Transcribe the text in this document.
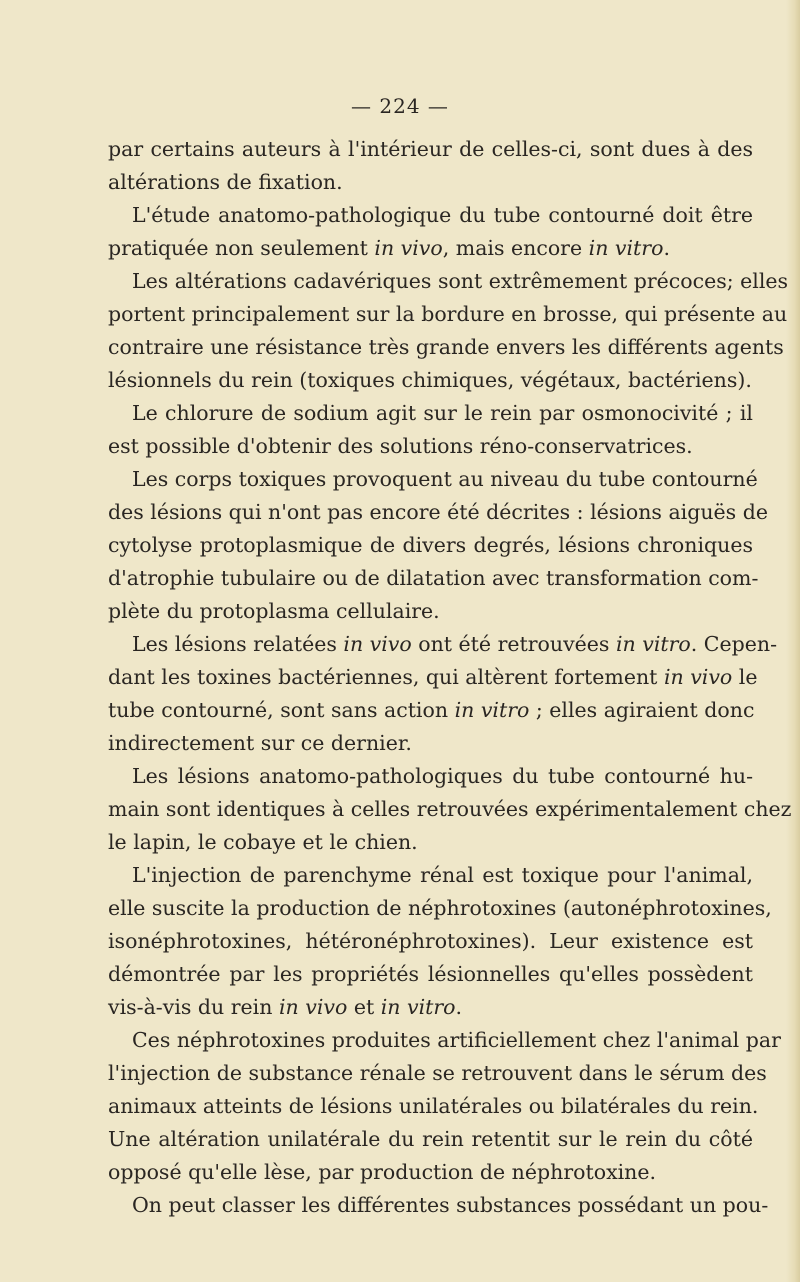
— 224 —
par certains auteurs à l'intérieur de celles-ci, sont dues à des
altérations de fixation.
L'étude anatomo-pathologique du tube contourné doit être
pratiquée non seulement in vivo, mais encore in vitro.
Les altérations cadavériques sont extrêmement précoces; elles
portent principalement sur la bordure en brosse, qui présente au
contraire une résistance très grande envers les différents agents
lésionnels du rein (toxiques chimiques, végétaux, bactériens).
Le chlorure de sodium agit sur le rein par osmonocivité ; il
est possible d'obtenir des solutions réno-conservatrices.
Les corps toxiques provoquent au niveau du tube contourné
des lésions qui n'ont pas encore été décrites : lésions aiguës de
cytolyse protoplasmique de divers degrés, lésions chroniques
d'atrophie tubulaire ou de dilatation avec transformation com-
plète du protoplasma cellulaire.
Les lésions relatées in vivo ont été retrouvées in vitro. Cepen-
dant les toxines bactériennes, qui altèrent fortement in vivo le
tube contourné, sont sans action in vitro ; elles agiraient donc
indirectement sur ce dernier.
Les lésions anatomo-pathologiques du tube contourné hu-
main sont identiques à celles retrouvées expérimentalement chez
le lapin, le cobaye et le chien.
L'injection de parenchyme rénal est toxique pour l'animal,
elle suscite la production de néphrotoxines (autonéphrotoxines,
isonéphrotoxines, hétéronéphrotoxines). Leur existence est
démontrée par les propriétés lésionnelles qu'elles possèdent
vis-à-vis du rein in vivo et in vitro.
Ces néphrotoxines produites artificiellement chez l'animal par
l'injection de substance rénale se retrouvent dans le sérum des
animaux atteints de lésions unilatérales ou bilatérales du rein.
Une altération unilatérale du rein retentit sur le rein du côté
opposé qu'elle lèse, par production de néphrotoxine.
On peut classer les différentes substances possédant un pou-
